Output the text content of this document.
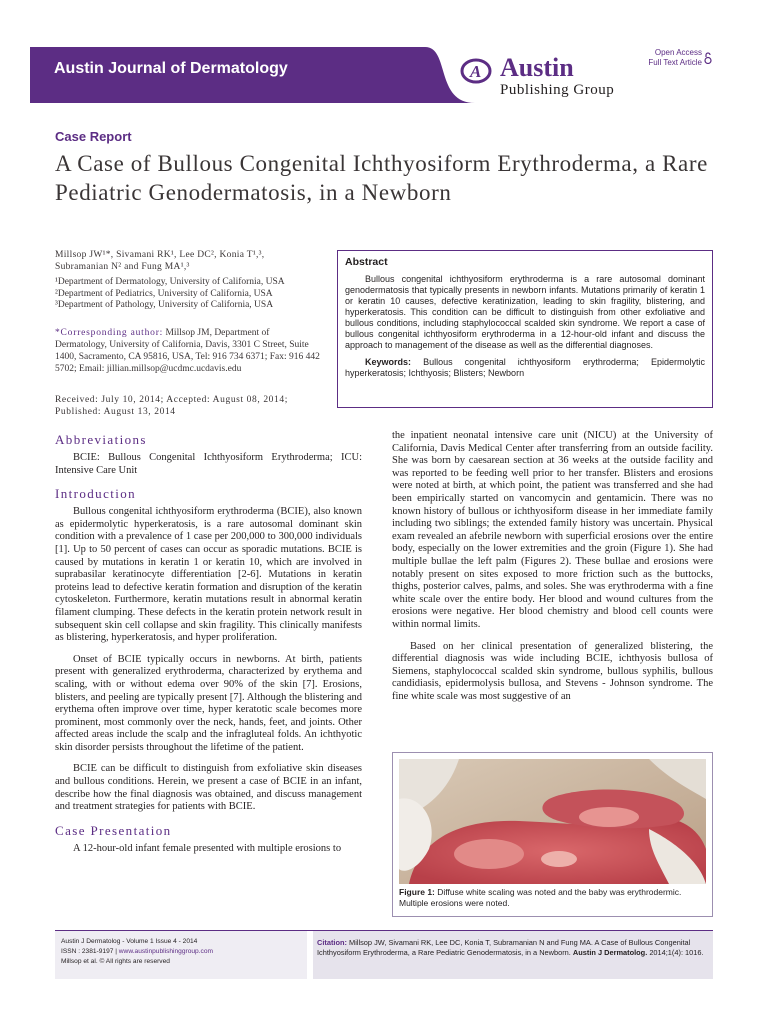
Austin Journal of Dermatology	A Austin
Publishing Group
Open Access
Full Text Article
Case Report
A Case of Bullous Congenital Ichthyosiform Erythroderma, a Rare Pediatric Genodermatosis, in a Newborn
Millsop JW¹*, Sivamani RK¹, Lee DC², Konia T¹,³, Subramanian N² and Fung MA¹,³
¹Department of Dermatology, University of California, USA
²Department of Pediatrics, University of California, USA
³Department of Pathology, University of California, USA
*Corresponding author: Millsop JM, Department of Dermatology, University of California, Davis, 3301 C Street, Suite 1400, Sacramento, CA 95816, USA, Tel: 916 734 6371; Fax: 916 442 5702; Email: jillian.millsop@ucdmc.ucdavis.edu
Received: July 10, 2014; Accepted: August 08, 2014; Published: August 13, 2014
Abstract

Bullous congenital ichthyosiform erythroderma is a rare autosomal dominant genodermatosis that typically presents in newborn infants. Mutations primarily of keratin 1 or keratin 10 causes, defective keratinization, leading to skin fragility, blistering, and hyperkeratosis. This condition can be difficult to distinguish from other exfoliative and bullous conditions, including staphylococcal scalded skin syndrome. We report a case of bullous congenital ichthyosiform erythroderma in a 12-hour-old infant and discuss the approach to management of the disease as well as the differential diagnoses.

Keywords: Bullous congenital ichthyosiform erythroderma; Epidermolytic hyperkeratosis; Ichthyosis; Blisters; Newborn

Abbreviations

BCIE: Bullous Congenital Ichthyosiform Erythroderma; ICU: Intensive Care Unit

Introduction

Bullous congenital ichthyosiform erythroderma (BCIE), also known as epidermolytic hyperkeratosis, is a rare autosomal dominant skin condition with a prevalence of 1 case per 200,000 to 300,000 individuals [1]. Up to 50 percent of cases can occur as sporadic mutations. BCIE is caused by mutations in keratin 1 or keratin 10, which are involved in suprabasilar keratinocyte differentiation [2-6]. Mutations in keratin proteins lead to defective keratin formation and disruption of the keratin cytoskeleton. Furthermore, keratin mutations result in abnormal keratin filament clumping. These defects in the keratin protein network result in subsequent skin cell collapse and skin fragility. This clinically manifests as blistering, hyperkeratosis, and hyper proliferation.

Onset of BCIE typically occurs in newborns. At birth, patients present with generalized erythroderma, characterized by erythema and scaling, with or without edema over 90% of the skin [7]. Erosions, blisters, and peeling are typically present [7]. Although the blistering and erythema often improve over time, hyper keratotic scale becomes more prominent, most commonly over the neck, hands, feet, and joints. Other affected areas include the scalp and the infragluteal folds. An ichthyotic skin disorder persists throughout the lifetime of the patient.

BCIE can be difficult to distinguish from exfoliative skin diseases and bullous conditions. Herein, we present a case of BCIE in an infant, describe how the final diagnosis was obtained, and discuss management and treatment strategies for patients with BCIE.

Case Presentation

A 12-hour-old infant female presented with multiple erosions to

the inpatient neonatal intensive care unit (NICU) at the University of California, Davis Medical Center after transferring from an outside facility. She was born by caesarean section at 36 weeks at the outside facility and was reported to be feeding well prior to her transfer. Blisters and erosions were noted at birth, at which point, the patient was transferred and she had been empirically started on vancomycin and gentamicin. There was no known history of bullous or ichthyosiform disease in her immediate family including two siblings; the extended family history was uncertain. Physical exam revealed an afebrile newborn with superficial erosions over the entire body, especially on the lower extremities and the groin (Figure 1). She had multiple bullae the left palm (Figures 2). These bullae and erosions were notably present on sites exposed to more friction such as the buttocks, thighs, posterior calves, palms, and soles. She was erythroderma with a fine white scale over the entire body. Her blood and wound cultures from the erosions were negative. Her blood chemistry and blood cell counts were within normal limits.

Based on her clinical presentation of generalized blistering, the differential diagnosis was wide including BCIE, ichthyosis bullosa of Siemens, staphylococcal scalded skin syndrome, bullous syphilis, bullous candidiasis, epidermolysis bullosa, and Stevens - Johnson syndrome. The fine white scale was most suggestive of an

Figure 1: Diffuse white scaling was noted and the baby was erythrodermic. Multiple erosions were noted.
Austin J Dermatolog - Volume 1 Issue 4 - 2014
ISSN : 2381-9197 | www.austinpublishinggroup.com
Millsop et al. © All rights are reserved
Citation: Millsop JW, Sivamani RK, Lee DC, Konia T, Subramanian N and Fung MA. A Case of Bullous Congenital Ichthyosiform Erythroderma, a Rare Pediatric Genodermatosis, in a Newborn. Austin J Dermatolog. 2014;1(4): 1016.
